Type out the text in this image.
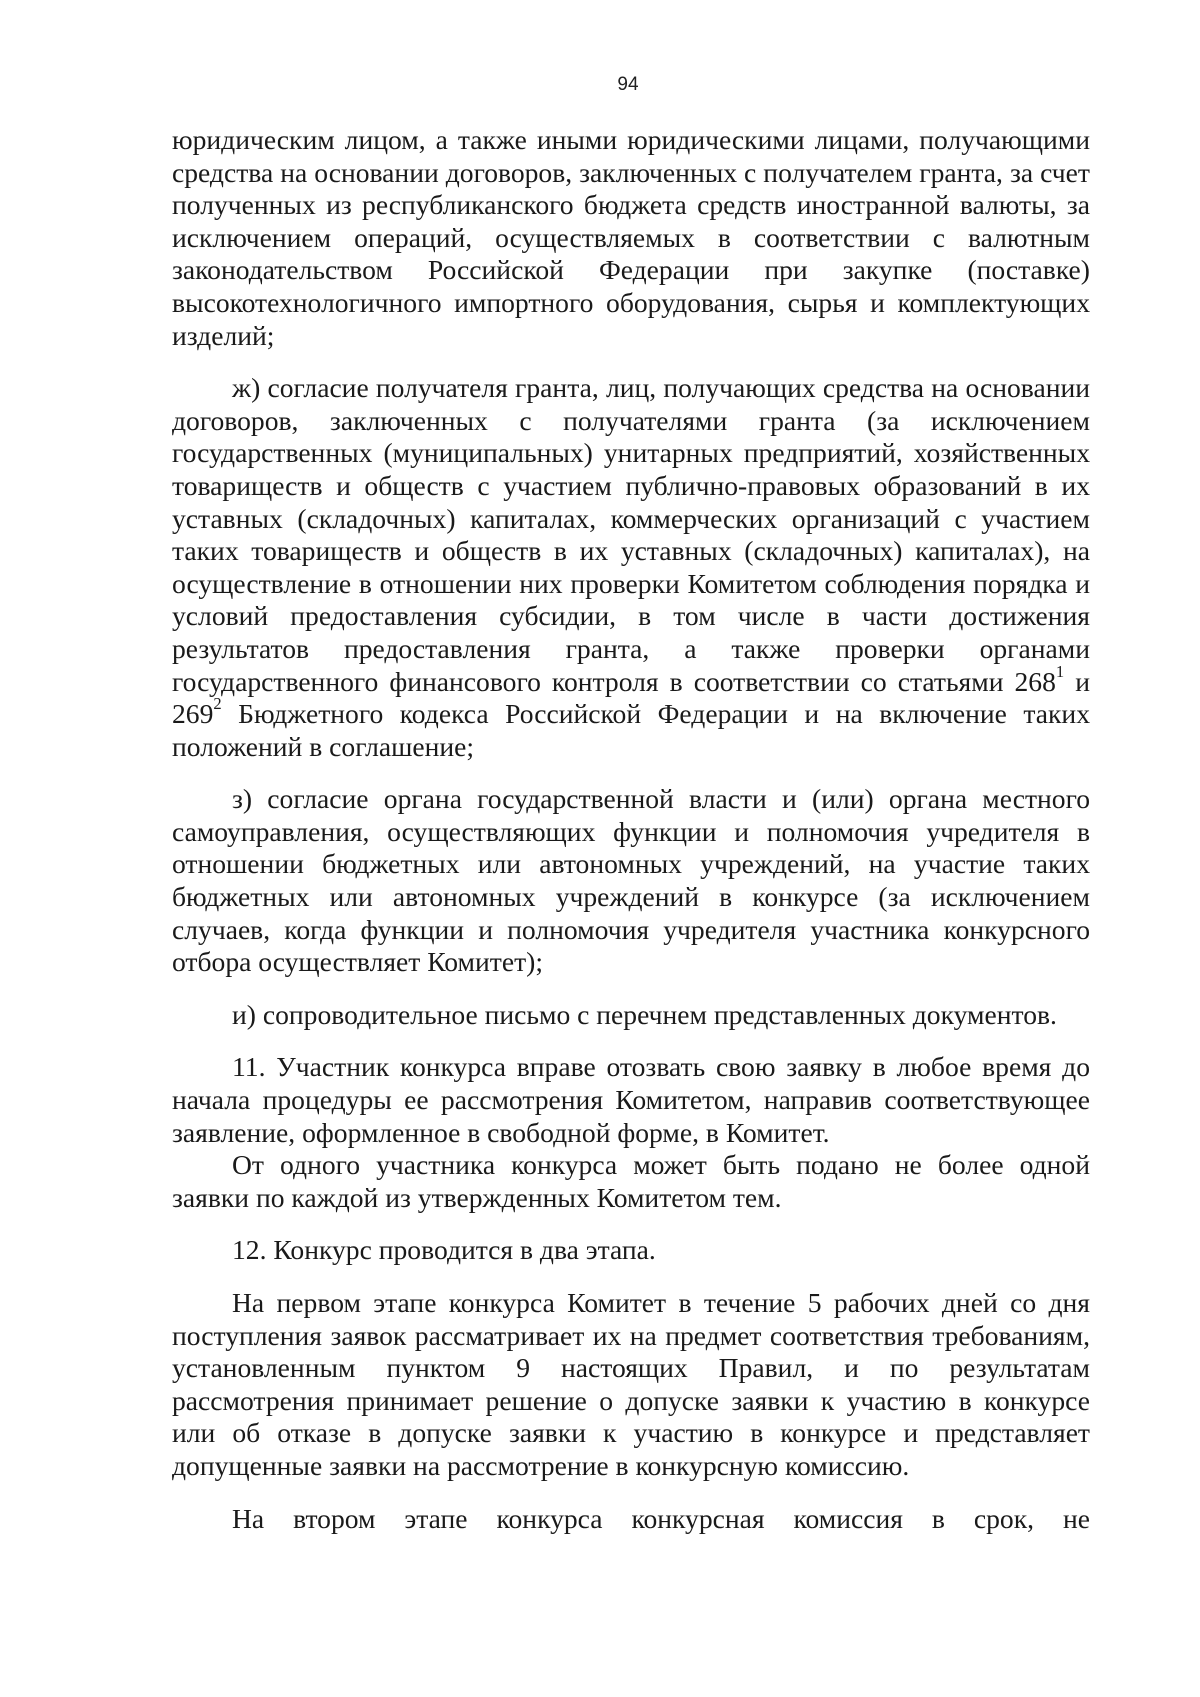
94

юридическим лицом, а также иными юридическими лицами, получающими средства на основании договоров, заключенных с получателем гранта, за счет полученных из республиканского бюджета средств иностранной валюты, за исключением операций, осуществляемых в соответствии с валютным законодательством Российской Федерации при закупке (поставке) высокотехнологичного импортного оборудования, сырья и комплектующих изделий;

ж) согласие получателя гранта, лиц, получающих средства на основании договоров, заключенных с получателями гранта (за исключением государственных (муниципальных) унитарных предприятий, хозяйственных товариществ и обществ с участием публично-правовых образований в их уставных (складочных) капиталах, коммерческих организаций с участием таких товариществ и обществ в их уставных (складочных) капиталах), на осуществление в отношении них проверки Комитетом соблюдения порядка и условий предоставления субсидии, в том числе в части достижения результатов предоставления гранта, а также проверки органами государственного финансового контроля в соответствии со статьями $268^1$ и $269^2$ Бюджетного кодекса Российской Федерации и на включение таких положений в соглашение;

з) согласие органа государственной власти и (или) органа местного самоуправления, осуществляющих функции и полномочия учредителя в отношении бюджетных или автономных учреждений, на участие таких бюджетных или автономных учреждений в конкурсе (за исключением случаев, когда функции и полномочия учредителя участника конкурсного отбора осуществляет Комитет);

и) сопроводительное письмо с перечнем представленных документов.

11. Участник конкурса вправе отозвать свою заявку в любое время до начала процедуры ее рассмотрения Комитетом, направив соответствующее заявление, оформленное в свободной форме, в Комитет.

От одного участника конкурса может быть подано не более одной заявки по каждой из утвержденных Комитетом тем.

12. Конкурс проводится в два этапа.

На первом этапе конкурса Комитет в течение 5 рабочих дней со дня поступления заявок рассматривает их на предмет соответствия требованиям, установленным пунктом 9 настоящих Правил, и по результатам рассмотрения принимает решение о допуске заявки к участию в конкурсе или об отказе в допуске заявки к участию в конкурсе и представляет допущенные заявки на рассмотрение в конкурсную комиссию.

На втором этапе конкурса конкурсная комиссия в срок, не
